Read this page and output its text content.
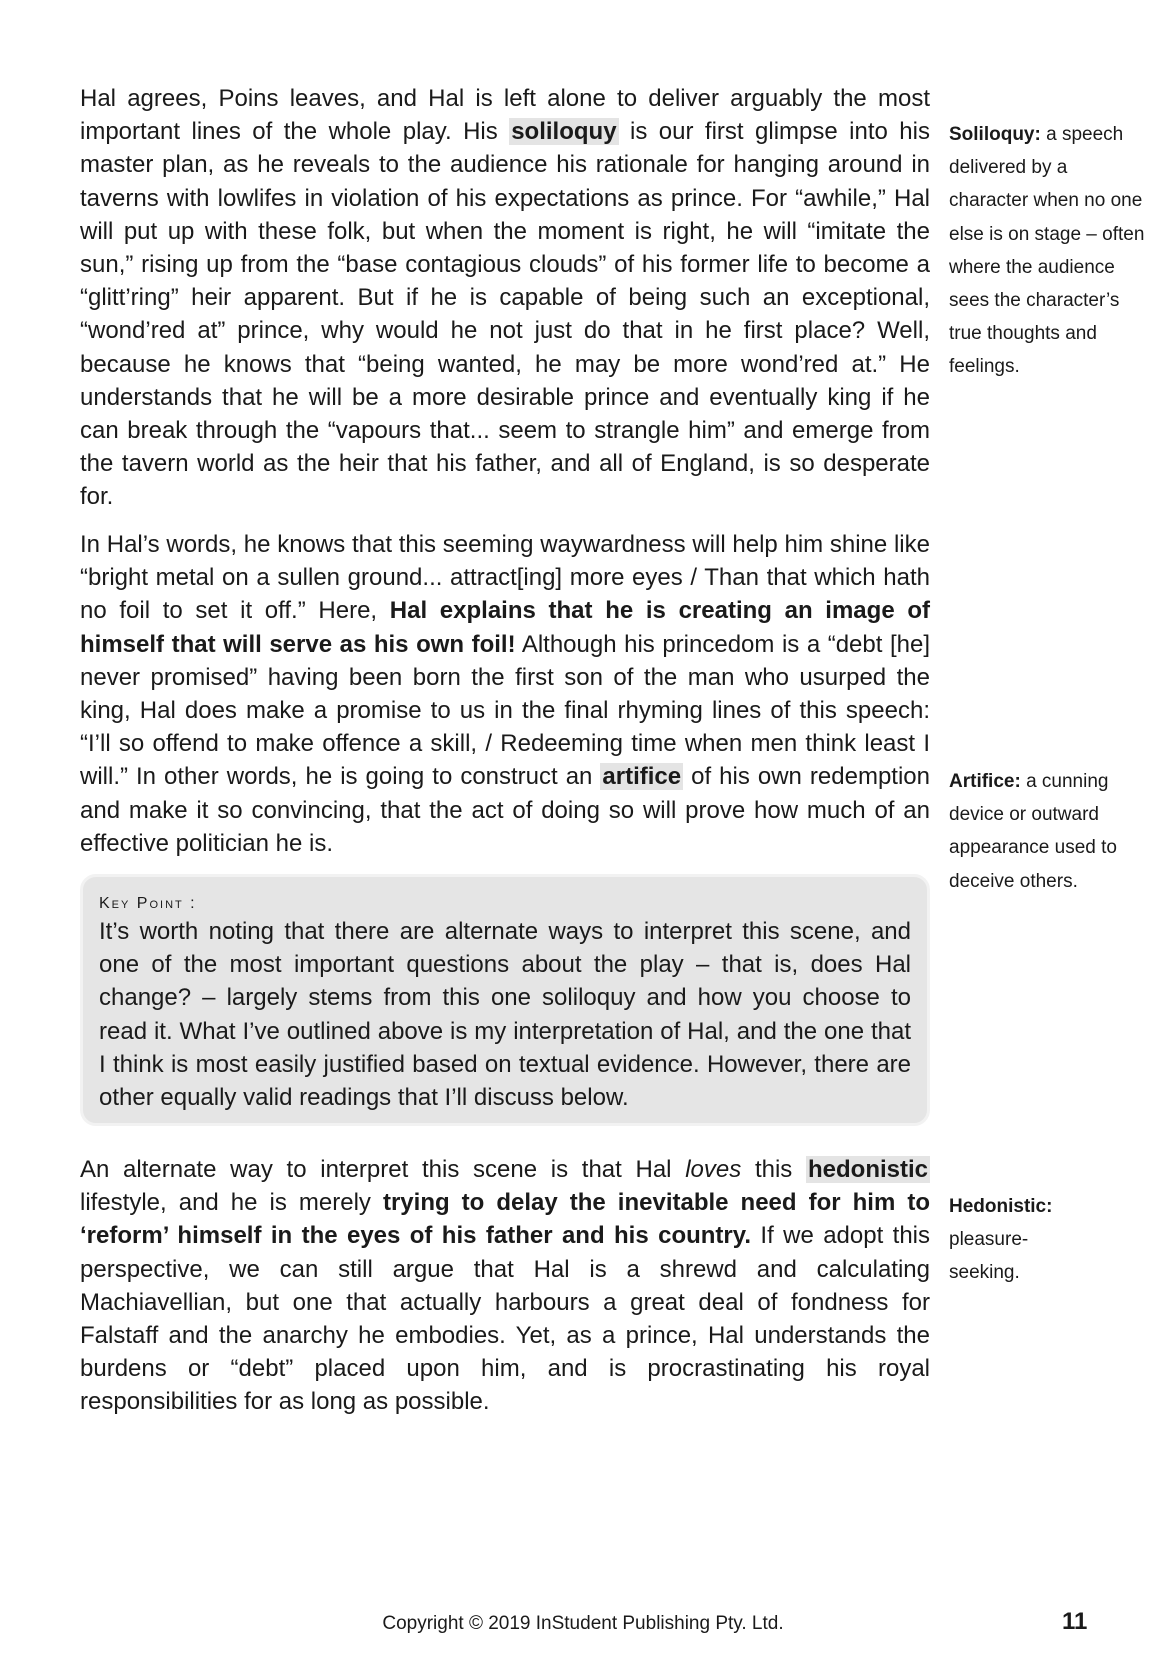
Hal agrees, Poins leaves, and Hal is left alone to deliver arguably the most important lines of the whole play. His soliloquy is our first glimpse into his master plan, as he reveals to the audience his rationale for hanging around in taverns with lowlifes in violation of his expectations as prince. For “awhile,” Hal will put up with these folk, but when the moment is right, he will “imitate the sun,” rising up from the “base contagious clouds” of his former life to become a “glitt’ring” heir apparent. But if he is capable of being such an exceptional, “wond’red at” prince, why would he not just do that in he first place? Well, because he knows that “being wanted, he may be more wond’red at.” He understands that he will be a more desirable prince and eventually king if he can break through the “vapours that... seem to strangle him” and emerge from the tavern world as the heir that his father, and all of England, is so desperate for.

In Hal’s words, he knows that this seeming waywardness will help him shine like “bright metal on a sullen ground... attract[ing] more eyes / Than that which hath no foil to set it off.” Here, Hal explains that he is creating an image of himself that will serve as his own foil! Although his princedom is a “debt [he] never promised” having been born the first son of the man who usurped the king, Hal does make a promise to us in the final rhyming lines of this speech: “I’ll so offend to make offence a skill, / Redeeming time when men think least I will.” In other words, he is going to construct an artifice of his own redemption and make it so convincing, that the act of doing so will prove how much of an effective politician he is.

Key Point :

It’s worth noting that there are alternate ways to interpret this scene, and one of the most important questions about the play – that is, does Hal change? – largely stems from this one soliloquy and how you choose to read it. What I’ve outlined above is my interpretation of Hal, and the one that I think is most easily justified based on textual evidence. However, there are other equally valid readings that I’ll discuss below.

An alternate way to interpret this scene is that Hal loves this hedonistic lifestyle, and he is merely trying to delay the inevitable need for him to ‘reform’ himself in the eyes of his father and his country. If we adopt this perspective, we can still argue that Hal is a shrewd and calculating Machiavellian, but one that actually harbours a great deal of fondness for Falstaff and the anarchy he embodies. Yet, as a prince, Hal understands the burdens or “debt” placed upon him, and is procrastinating his royal responsibilities for as long as possible.

Soliloquy: a speech delivered by a character when no one else is on stage – often where the audience sees the character’s true thoughts and feelings.
Artifice: a cunning device or outward appearance used to deceive others.
Hedonistic: pleasure-seeking.
Copyright © 2019 InStudent Publishing Pty. Ltd.	11
